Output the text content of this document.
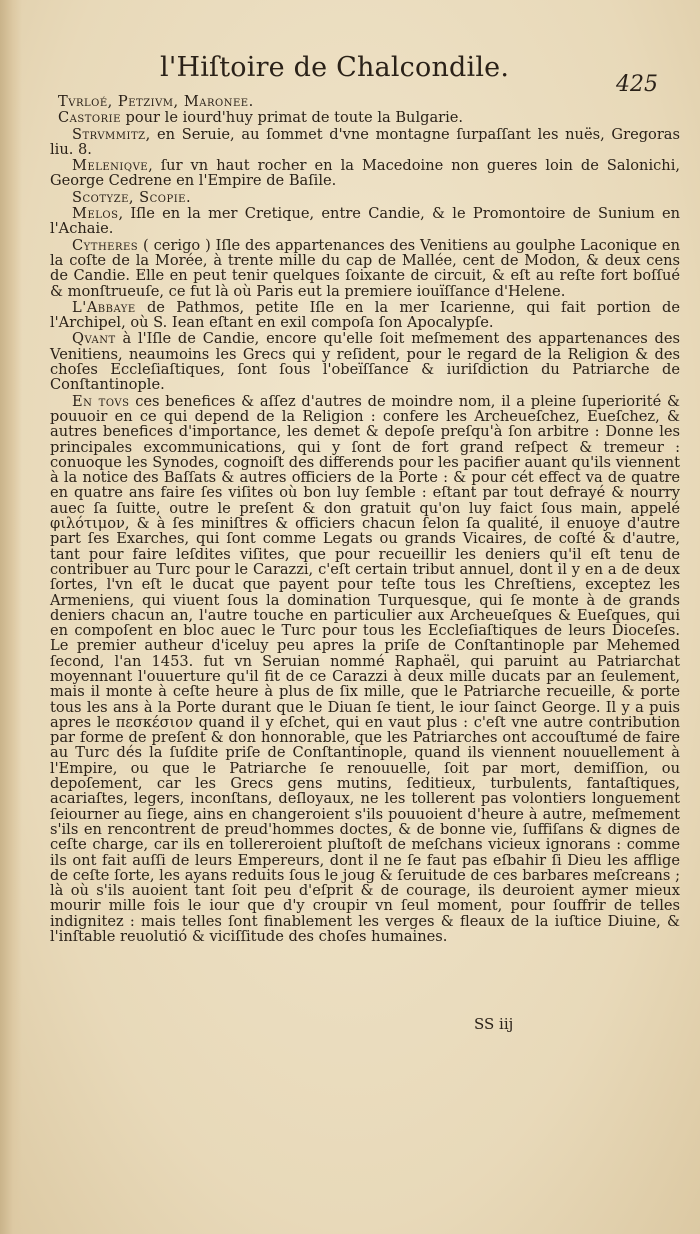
l'Hiſtoire de Chalcondile.
425

Tvrloé, Petzivm, Maronee.

Castorie pour le iourd'huy primat de toute la Bulgarie.

Strvmmitz, en Seruie, au ſommet d'vne montagne ſurpaſſant les nuës, Gregoras liu. 8.

Meleniqve, ſur vn haut rocher en la Macedoine non gueres loin de Salonichi, George Cedrene en l'Empire de Baſile.

Scotyze, Scopie.

Melos, Iſle en la mer Cretique, entre Candie, & le Promontoire de Sunium en l'Achaie.

Cytheres ( cerigo ) Iſle des appartenances des Venitiens au goulphe Laconique en la coſte de la Morée, à trente mille du cap de Mallée, cent de Modon, & deux cens de Candie. Elle en peut tenir quelques ſoixante de circuit, & eſt au reſte fort boſſué & monſtrueuſe, ce fut là où Paris eut la premiere iouïſſance d'Helene.

L'Abbaye de Pathmos, petite Iſle en la mer Icarienne, qui fait portion de l'Archipel, où S. Iean eſtant en exil compoſa ſon Apocalypſe.

Qvant à l'Iſle de Candie, encore qu'elle ſoit meſmement des appartenances des Venitiens, neaumoins les Grecs qui y reſident, pour le regard de la Religion & des choſes Eccleſiaſtiques, ſont ſous l'obeïſſance & iuriſdiction du Patriarche de Conſtantinople.

En tovs ces benefices & aſſez d'autres de moindre nom, il a pleine ſuperiorité & pouuoir en ce qui depend de la Religion : confere les Archeueſchez, Eueſchez, & autres benefices d'importance, les demet & depoſe preſqu'à ſon arbitre : Donne les principales excommunications, qui y ſont de fort grand reſpect & tremeur : conuoque les Synodes, cognoiſt des differends pour les pacifier auant qu'ils viennent à la notice des Baſſats & autres officiers de la Porte : & pour cét effect va de quatre en quatre ans faire ſes viſites où bon luy ſemble : eſtant par tout defrayé & nourry auec ſa ſuitte, outre le preſent & don gratuit qu'on luy faict ſous main, appelé φιλότιμον, & à ſes miniſtres & officiers chacun ſelon ſa qualité, il enuoye d'autre part ſes Exarches, qui ſont comme Legats ou grands Vicaires, de coſté & d'autre, tant pour faire leſdites viſites, que pour recueillir les deniers qu'il eſt tenu de contribuer au Turc pour le Carazzi, c'eſt certain tribut annuel, dont il y en a de deux ſortes, l'vn eſt le ducat que payent pour teſte tous les Chreſtiens, exceptez les Armeniens, qui viuent ſous la domination Turquesque, qui ſe monte à de grands deniers chacun an, l'autre touche en particulier aux Archeueſques & Eueſques, qui en compoſent en bloc auec le Turc pour tous les Eccleſiaſtiques de leurs Dioceſes. Le premier autheur d'iceluy peu apres la priſe de Conſtantinople par Mehemed ſecond, l'an 1453. fut vn Seruian nommé Raphaël, qui paruint au Patriarchat moyennant l'ouuerture qu'il fit de ce Carazzi à deux mille ducats par an ſeulement, mais il monte à ceſte heure à plus de ſix mille, que le Patriarche recueille, & porte tous les ans à la Porte durant que le Diuan ſe tient, le iour ſainct George. Il y a puis apres le πεσκέσιον quand il y eſchet, qui en vaut plus : c'eſt vne autre contribution par forme de preſent & don honnorable, que les Patriarches ont accouſtumé de faire au Turc dés la ſuſdite priſe de Conſtantinople, quand ils viennent nouuellement à l'Empire, ou que le Patriarche ſe renouuelle, ſoit par mort, demiſſion, ou depoſement, car les Grecs gens mutins, ſeditieux, turbulents, fantaſtiques, acariaſtes, legers, inconſtans, deſloyaux, ne les tollerent pas volontiers longuement ſeiourner au ſiege, ains en changeroient s'ils pouuoient d'heure à autre, meſmement s'ils en rencontrent de preud'hommes doctes, & de bonne vie, ſuffiſans & dignes de ceſte charge, car ils en tollereroient pluſtoſt de meſchans vicieux ignorans : comme ils ont fait auſſi de leurs Empereurs, dont il ne ſe faut pas eſbahir ſi Dieu les afflige de ceſte ſorte, les ayans reduits ſous le joug & ſeruitude de ces barbares meſcreans ; là où s'ils auoient tant ſoit peu d'eſprit & de courage, ils deuroient aymer mieux mourir mille fois le iour que d'y croupir vn ſeul moment, pour ſouffrir de telles indignitez : mais telles ſont finablement les verges & fleaux de la iuſtice Diuine, & l'inſtable reuolutió & viciſſitude des choſes humaines.

SS iij
